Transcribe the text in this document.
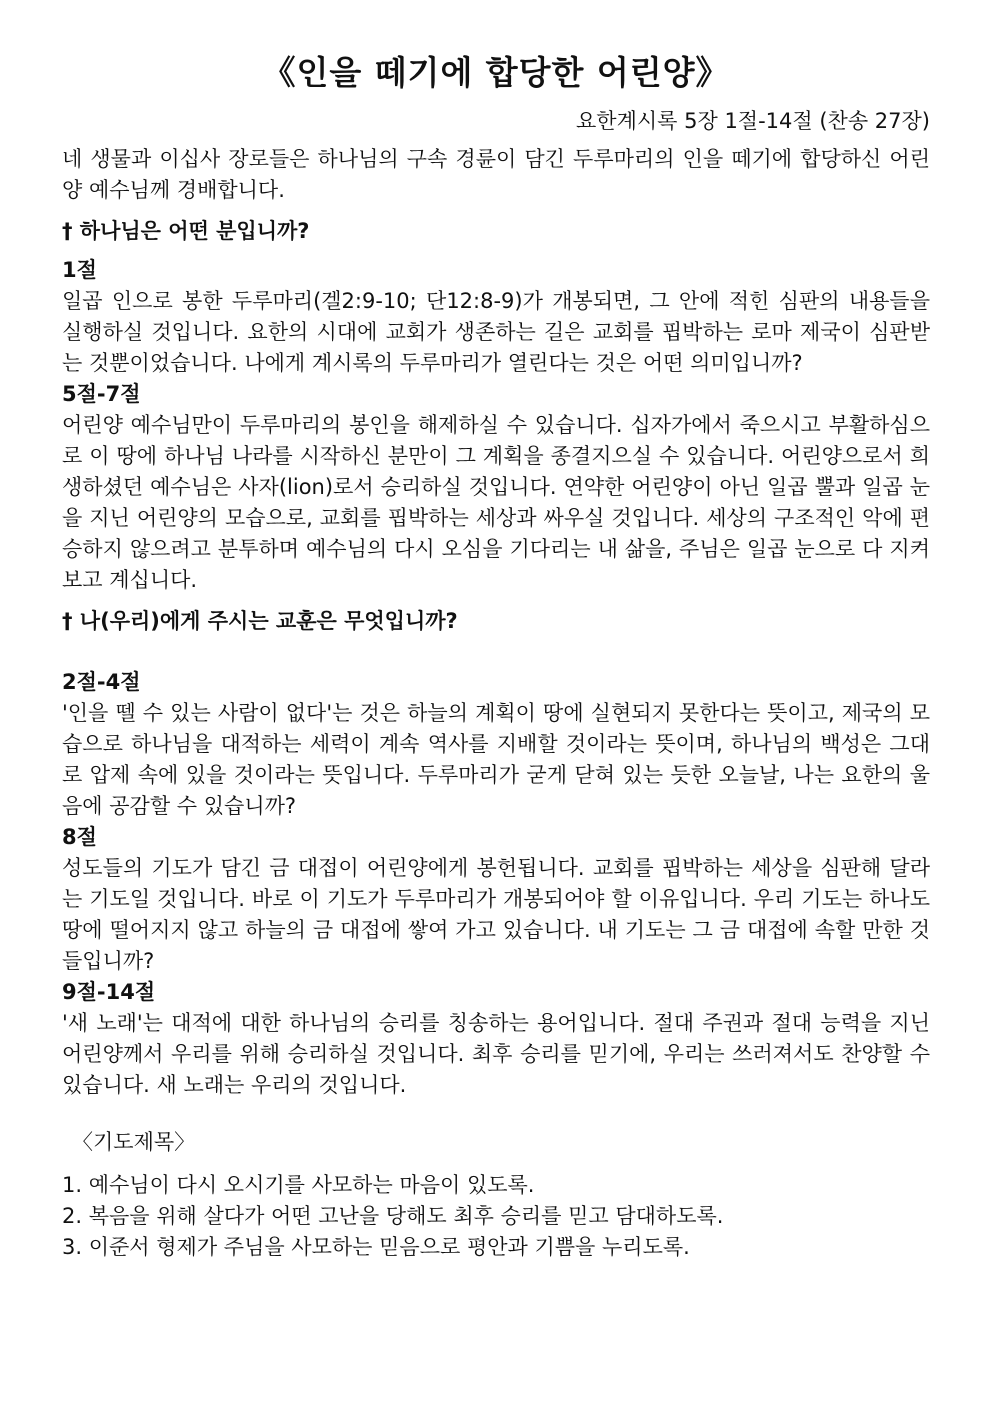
《인을 떼기에 합당한 어린양》

요한계시록 5장 1절-14절 (찬송 27장)

네 생물과 이십사 장로들은 하나님의 구속 경륜이 담긴 두루마리의 인을 떼기에 합당하신 어린양 예수님께 경배합니다.

† 하나님은 어떤 분입니까?

1절

일곱 인으로 봉한 두루마리(겔2:9-10; 단12:8-9)가 개봉되면, 그 안에 적힌 심판의 내용들을 실행하실 것입니다. 요한의 시대에 교회가 생존하는 길은 교회를 핍박하는 로마 제국이 심판받는 것뿐이었습니다. 나에게 계시록의 두루마리가 열린다는 것은 어떤 의미입니까?

5절-7절

어린양 예수님만이 두루마리의 봉인을 해제하실 수 있습니다. 십자가에서 죽으시고 부활하심으로 이 땅에 하나님 나라를 시작하신 분만이 그 계획을 종결지으실 수 있습니다. 어린양으로서 희생하셨던 예수님은 사자(lion)로서 승리하실 것입니다. 연약한 어린양이 아닌 일곱 뿔과 일곱 눈을 지닌 어린양의 모습으로, 교회를 핍박하는 세상과 싸우실 것입니다. 세상의 구조적인 악에 편승하지 않으려고 분투하며 예수님의 다시 오심을 기다리는 내 삶을, 주님은 일곱 눈으로 다 지켜보고 계십니다.

† 나(우리)에게 주시는 교훈은 무엇입니까?

2절-4절

'인을 뗄 수 있는 사람이 없다'는 것은 하늘의 계획이 땅에 실현되지 못한다는 뜻이고, 제국의 모습으로 하나님을 대적하는 세력이 계속 역사를 지배할 것이라는 뜻이며, 하나님의 백성은 그대로 압제 속에 있을 것이라는 뜻입니다. 두루마리가 굳게 닫혀 있는 듯한 오늘날, 나는 요한의 울음에 공감할 수 있습니까?

8절

성도들의 기도가 담긴 금 대접이 어린양에게 봉헌됩니다. 교회를 핍박하는 세상을 심판해 달라는 기도일 것입니다. 바로 이 기도가 두루마리가 개봉되어야 할 이유입니다. 우리 기도는 하나도 땅에 떨어지지 않고 하늘의 금 대접에 쌓여 가고 있습니다. 내 기도는 그 금 대접에 속할 만한 것들입니까?

9절-14절

'새 노래'는 대적에 대한 하나님의 승리를 칭송하는 용어입니다. 절대 주권과 절대 능력을 지닌 어린양께서 우리를 위해 승리하실 것입니다. 최후 승리를 믿기에, 우리는 쓰러져서도 찬양할 수 있습니다. 새 노래는 우리의 것입니다.

〈기도제목〉

1. 예수님이 다시 오시기를 사모하는 마음이 있도록.
2. 복음을 위해 살다가 어떤 고난을 당해도 최후 승리를 믿고 담대하도록.
3. 이준서 형제가 주님을 사모하는 믿음으로 평안과 기쁨을 누리도록.
